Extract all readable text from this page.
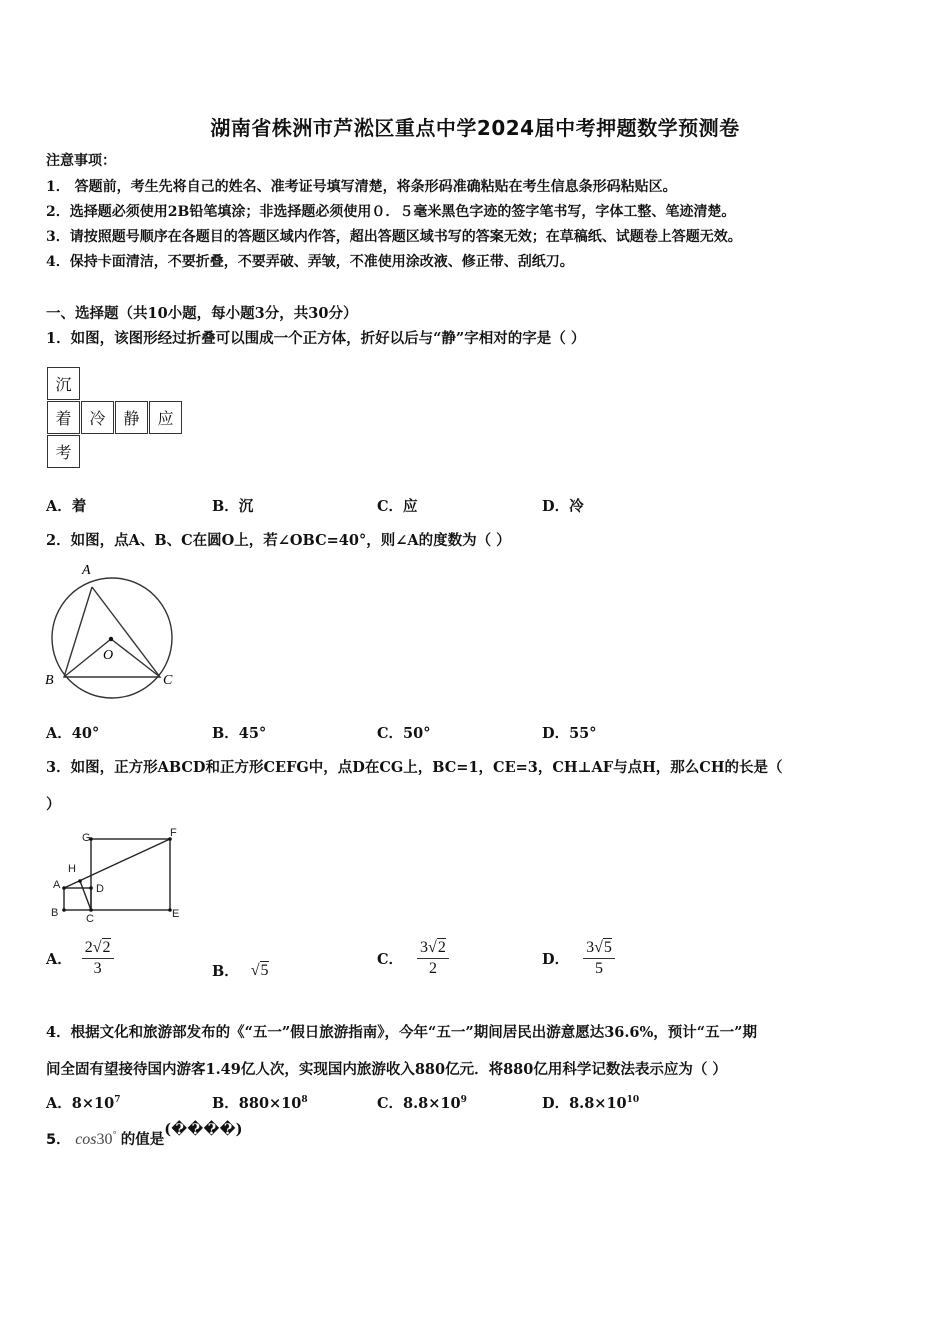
湖南省株洲市芦淞区重点中学2024届中考押题数学预测卷
注意事项：
1． 答题前，考生先将自己的姓名、准考证号填写清楚，将条形码准确粘贴在考生信息条形码粘贴区。
2．选择题必须使用2B铅笔填涂；非选择题必须使用０．５毫米黑色字迹的签字笔书写，字体工整、笔迹清楚。
3．请按照题号顺序在各题目的答题区域内作答，超出答题区域书写的答案无效；在草稿纸、试题卷上答题无效。
4．保持卡面清洁，不要折叠，不要弄破、弄皱，不准使用涂改液、修正带、刮纸刀。
一、选择题（共10小题，每小题3分，共30分）
1．如图，该图形经过折叠可以围成一个正方体，折好以后与“静”字相对的字是（ ）
沉
着	冷	静	应
考
A．着	B．沉	C．应	D．冷
2．如图，点A、B、C在圆O上，若∠OBC=40°，则∠A的度数为（ ）
A
B	C
O
A．40°	B．45°	C．50°	D．55°
3．如图，正方形ABCD和正方形CEFG中，点D在CG上，BC=1，CE=3，CH⊥AF与点H，那么CH的长是（
）
G	F
H
A	D
B	C	E
A． $\frac{2√2}{3}$	B． √5
C． $\frac{3√2}{2}$	D． $\frac{3√5}{5}$
4．根据文化和旅游部发布的《“五一”假日旅游指南》，今年“五一”期间居民出游意愿达36.6%，预计“五一”期
间全固有望接待国内游客1.49亿人次，实现国内旅游收入880亿元．将880亿用科学记数法表示应为（ ）
A．$8\times 10^7$	B．$880\times 10^8$	C．$8.8\times 10^9$	D．$8.8\times 10^{10}$
5． cos30° 的值是(����)
